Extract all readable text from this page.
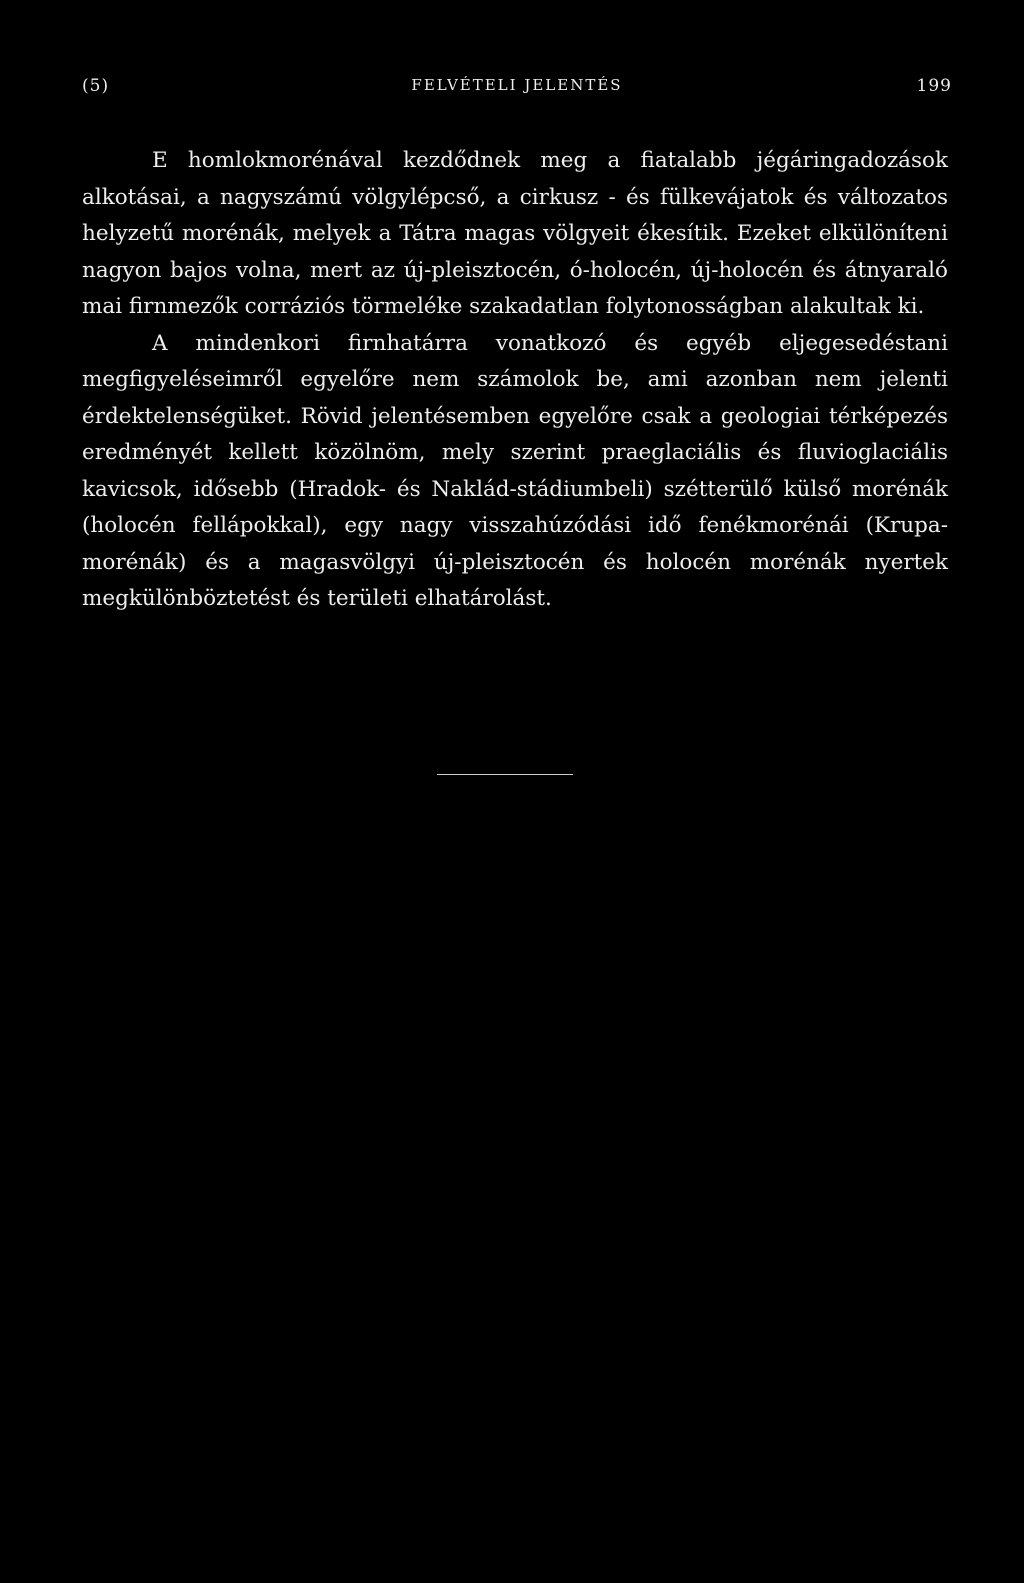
(5)	FELVÉTELI JELENTÉS	199

E homlokmorénával kezdődnek meg a fiatalabb jégáringadozások alkotásai, a nagyszámú völgylépcső, a cirkusz - és fülkevájatok és változatos helyzetű morénák, melyek a Tátra magas völgyeit ékesítik. Ezeket elkülöníteni nagyon bajos volna, mert az új-pleisztocén, ó-holocén, új-holocén és átnyaraló mai firnmezők corráziós törmeléke szakadatlan folytonosságban alakultak ki.

A mindenkori firnhatárra vonatkozó és egyéb eljegesedéstani megfigyeléseimről egyelőre nem számolok be, ami azonban nem jelenti érdektelenségüket. Rövid jelentésemben egyelőre csak a geologiai térképezés eredményét kellett közölnöm, mely szerint praeglaciális és fluvioglaciális kavicsok, idősebb (Hradok- és Naklád-stádiumbeli) szétterülő külső morénák (holocén fellápokkal), egy nagy visszahúzódási idő fenékmorénái (Krupa-morénák) és a magasvölgyi új-pleisztocén és holocén morénák nyertek megkülönböztetést és területi elhatárolást.
